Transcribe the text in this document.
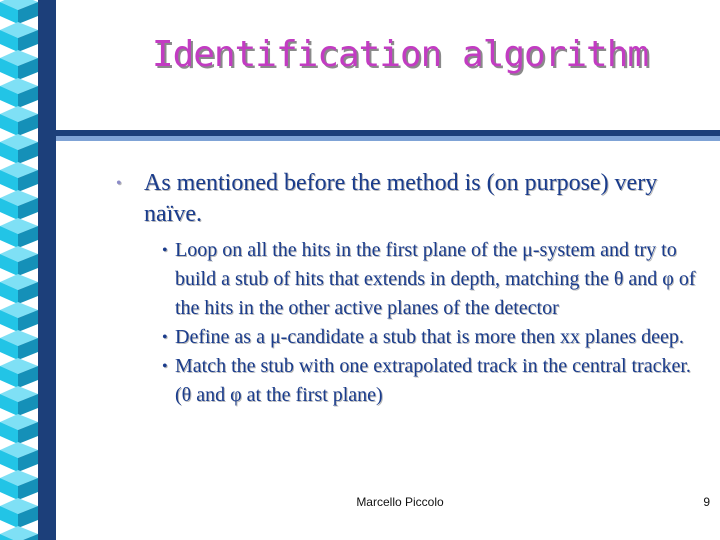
Identification algorithm
• As mentioned before the method is (on purpose) very naïve.
• Loop on all the hits in the first plane of the μ-system and try to build a stub of hits that extends in depth, matching the θ and φ of the hits in the other active planes of the detector
• Define as a μ-candidate a stub that is more then xx planes deep.
• Match the stub with one extrapolated track in the central tracker. (θ and φ at the first plane)
Marcello Piccolo	9
